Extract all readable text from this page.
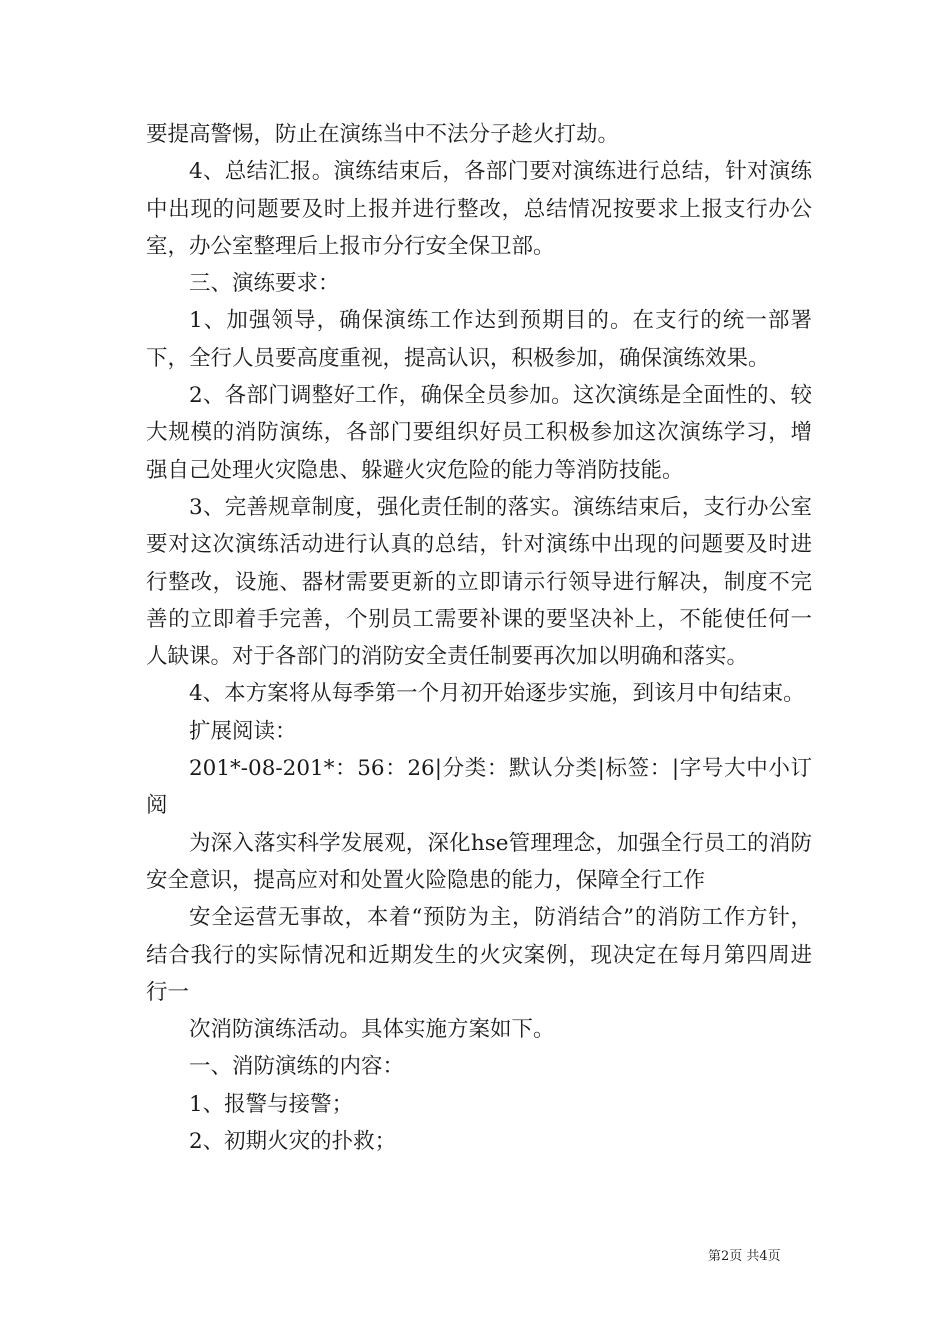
要提高警惕，防止在演练当中不法分子趁火打劫。

4、总结汇报。演练结束后，各部门要对演练进行总结，针对演练中出现的问题要及时上报并进行整改，总结情况按要求上报支行办公室，办公室整理后上报市分行安全保卫部。

三、演练要求：

1、加强领导，确保演练工作达到预期目的。在支行的统一部署下，全行人员要高度重视，提高认识，积极参加，确保演练效果。

2、各部门调整好工作，确保全员参加。这次演练是全面性的、较大规模的消防演练，各部门要组织好员工积极参加这次演练学习，增强自己处理火灾隐患、躲避火灾危险的能力等消防技能。

3、完善规章制度，强化责任制的落实。演练结束后，支行办公室要对这次演练活动进行认真的总结，针对演练中出现的问题要及时进行整改，设施、器材需要更新的立即请示行领导进行解决，制度不完善的立即着手完善，个别员工需要补课的要坚决补上，不能使任何一人缺课。对于各部门的消防安全责任制要再次加以明确和落实。

4、本方案将从每季第一个月初开始逐步实施，到该月中旬结束。

扩展阅读：

201*-08-201*：56：26|分类：默认分类|标签：|字号大中小订阅

为深入落实科学发展观，深化hse管理理念，加强全行员工的消防安全意识，提高应对和处置火险隐患的能力，保障全行工作

安全运营无事故，本着“预防为主，防消结合”的消防工作方针，结合我行的实际情况和近期发生的火灾案例，现决定在每月第四周进行一

次消防演练活动。具体实施方案如下。

一、消防演练的内容：

1、报警与接警；

2、初期火灾的扑救；

第2页 共4页
